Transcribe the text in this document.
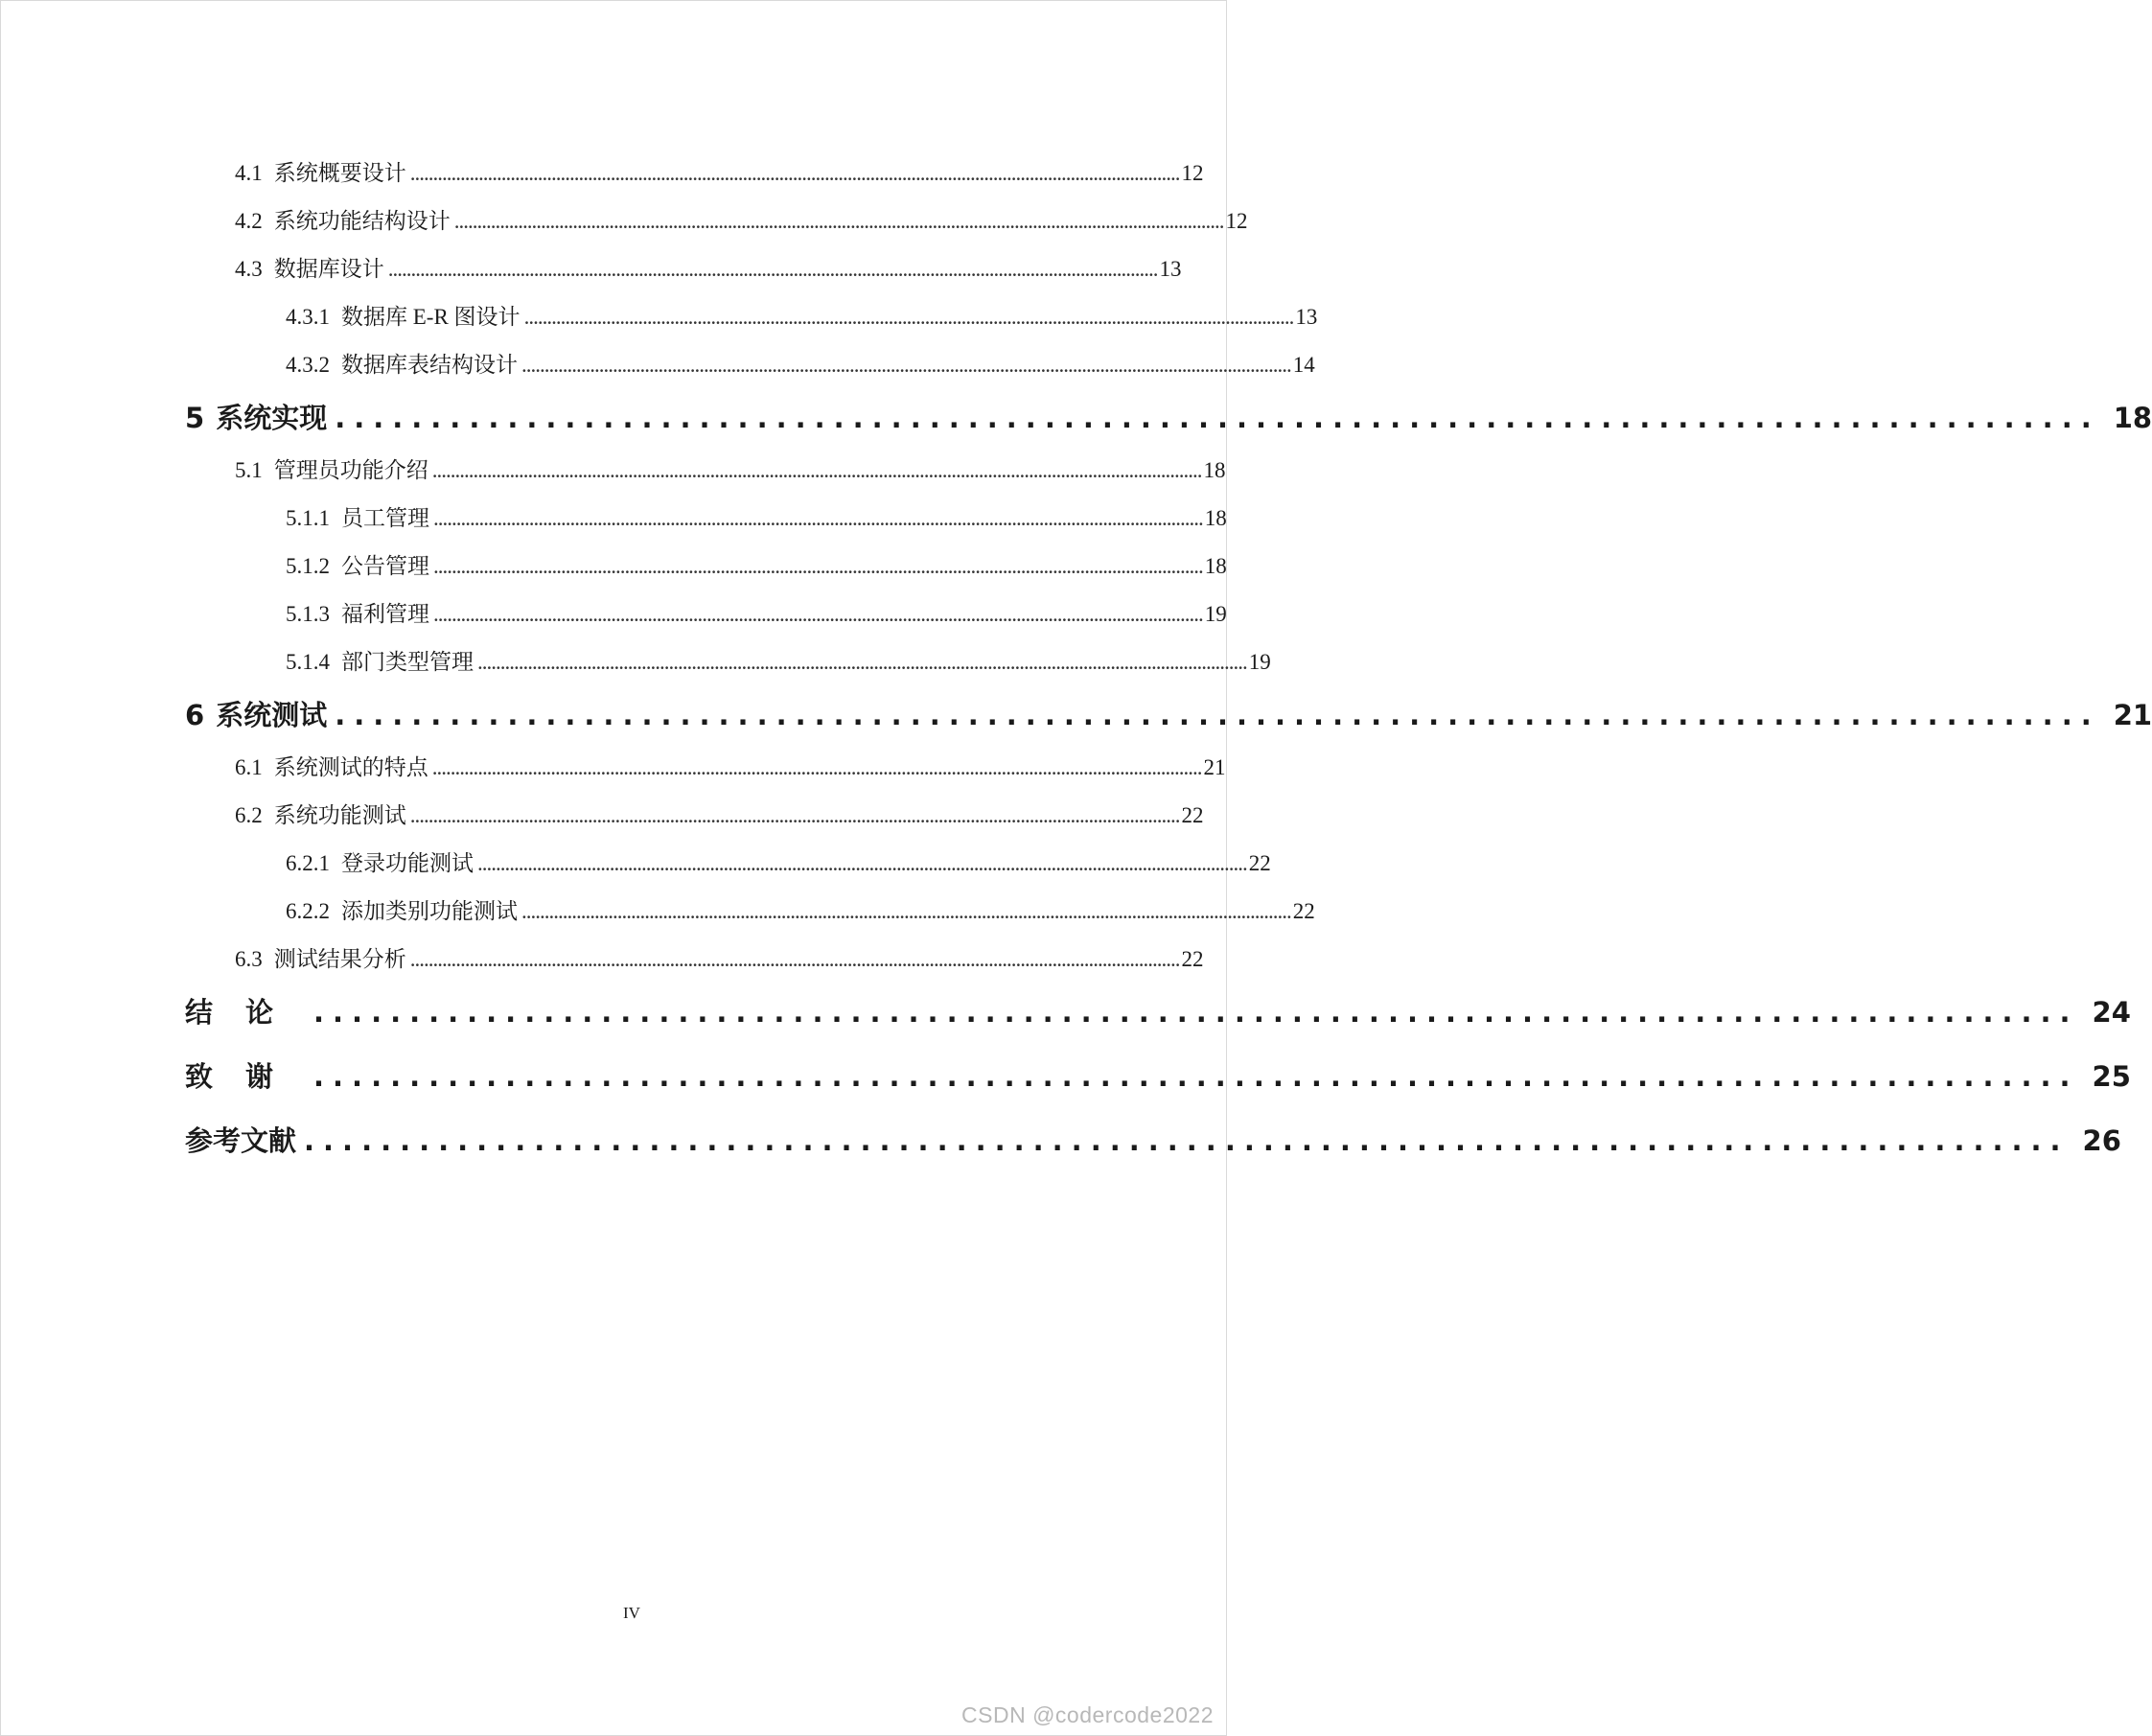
4.1 系统概要设计 ......................................................................................................................................................................... 12
4.2 系统功能结构设计 ......................................................................................................................................................................... 12
4.3 数据库设计 ......................................................................................................................................................................... 13
4.3.1 数据库 E-R 图设计 ......................................................................................................................................................................... 13
4.3.2 数据库表结构设计 ......................................................................................................................................................................... 14
5 系统实现 ............................................................................................ 18
5.1 管理员功能介绍 ......................................................................................................................................................................... 18
5.1.1 员工管理 ......................................................................................................................................................................... 18
5.1.2 公告管理 ......................................................................................................................................................................... 18
5.1.3 福利管理 ......................................................................................................................................................................... 19
5.1.4 部门类型管理 ......................................................................................................................................................................... 19
6 系统测试 ............................................................................................ 21
6.1 系统测试的特点 ......................................................................................................................................................................... 21
6.2 系统功能测试 ......................................................................................................................................................................... 22
6.2.1 登录功能测试 ......................................................................................................................................................................... 22
6.2.2 添加类别功能测试 ......................................................................................................................................................................... 22
6.3 测试结果分析 ......................................................................................................................................................................... 22
结论 ............................................................................................ 24
致谢 ............................................................................................ 25
参考文献 ............................................................................................ 26
IV
CSDN @codercode2022
